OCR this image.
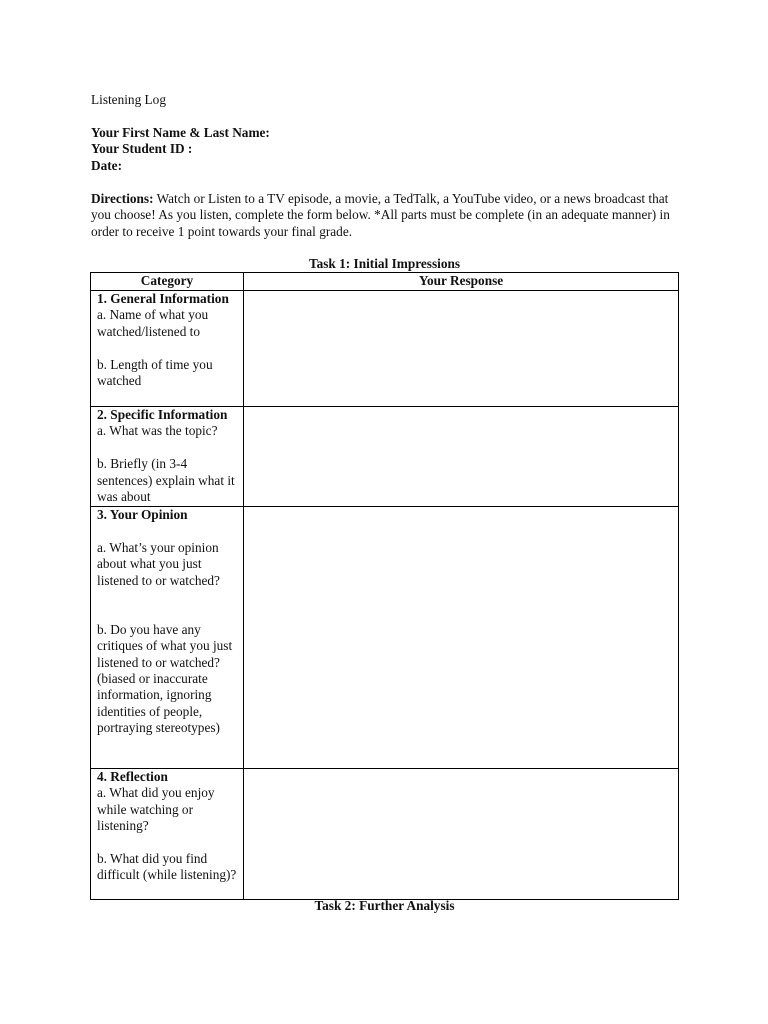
Listening Log
Your First Name & Last Name:
Your Student ID :
Date:
Directions: Watch or Listen to a TV episode, a movie, a TedTalk, a YouTube video, or a news broadcast that you choose! As you listen, complete the form below. *All parts must be complete (in an adequate manner) in order to receive 1 point towards your final grade.
Task 1: Initial Impressions
Category	Your Response

1. General Information
a. Name of what you watched/listened to
b. Length of time you watched	

2. Specific Information
a. What was the topic?
b. Briefly (in 3-4 sentences) explain what it was about	

3. Your Opinion
a. What’s your opinion about what you just listened to or watched?
b. Do you have any critiques of what you just listened to or watched? (biased or inaccurate information, ignoring identities of people, portraying stereotypes)	

4. Reflection
a. What did you enjoy while watching or listening?
b. What did you find difficult (while listening)?	

Task 2: Further Analysis
